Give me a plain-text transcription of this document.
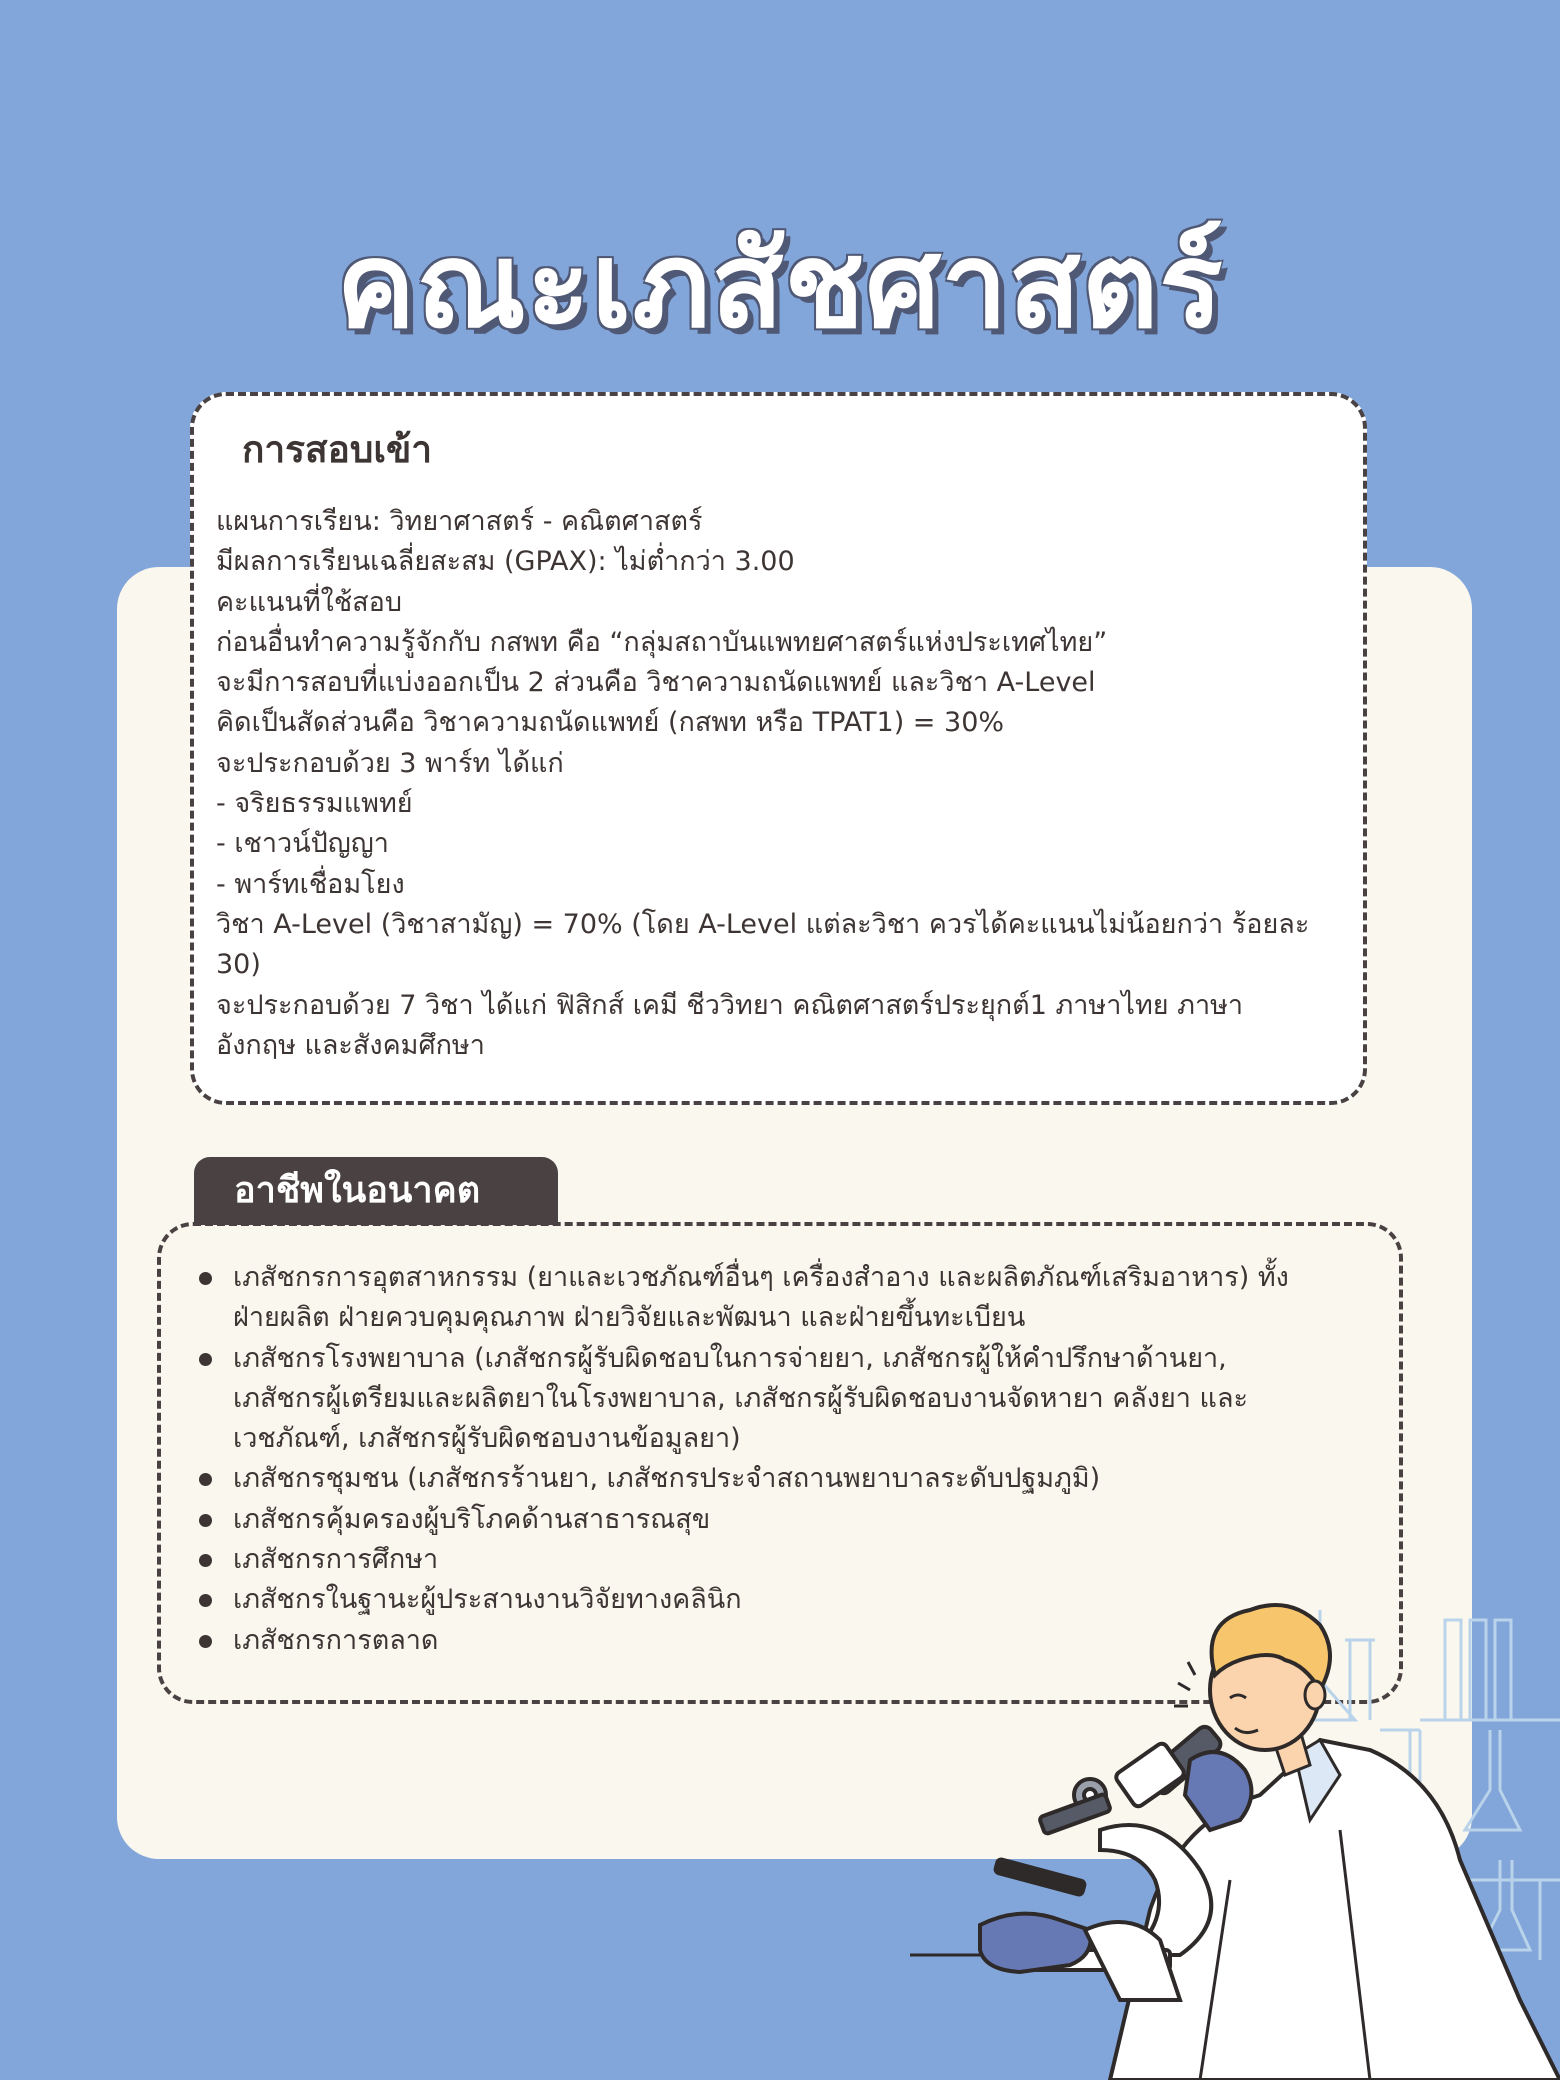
คณะเภสัชศาสตร์
การสอบเข้า
แผนการเรียน: วิทยาศาสตร์ - คณิตศาสตร์
มีผลการเรียนเฉลี่ยสะสม (GPAX): ไม่ต่ำกว่า 3.00
คะแนนที่ใช้สอบ
ก่อนอื่นทำความรู้จักกับ กสพท คือ “กลุ่มสถาบันแพทยศาสตร์แห่งประเทศไทย”
จะมีการสอบที่แบ่งออกเป็น 2 ส่วนคือ วิชาความถนัดแพทย์ และวิชา A-Level
คิดเป็นสัดส่วนคือ วิชาความถนัดแพทย์ (กสพท หรือ TPAT1) = 30%
จะประกอบด้วย 3 พาร์ท ได้แก่
- จริยธรรมแพทย์
- เชาวน์ปัญญา
- พาร์ทเชื่อมโยง
วิชา A-Level (วิชาสามัญ) = 70% (โดย A-Level แต่ละวิชา ควรได้คะแนนไม่น้อยกว่า ร้อยละ
30)
จะประกอบด้วย 7 วิชา ได้แก่ ฟิสิกส์ เคมี ชีววิทยา คณิตศาสตร์ประยุกต์1 ภาษาไทย ภาษา
อังกฤษ และสังคมศึกษา
อาชีพในอนาคต
เภสัชกรการอุตสาหกรรม (ยาและเวชภัณฑ์อื่นๆ เครื่องสำอาง และผลิตภัณฑ์เสริมอาหาร) ทั้ง
ฝ่ายผลิต ฝ่ายควบคุมคุณภาพ ฝ่ายวิจัยและพัฒนา และฝ่ายขึ้นทะเบียน
เภสัชกรโรงพยาบาล (เภสัชกรผู้รับผิดชอบในการจ่ายยา, เภสัชกรผู้ให้คำปรึกษาด้านยา,
เภสัชกรผู้เตรียมและผลิตยาในโรงพยาบาล, เภสัชกรผู้รับผิดชอบงานจัดหายา คลังยา และ
เวชภัณฑ์, เภสัชกรผู้รับผิดชอบงานข้อมูลยา)
เภสัชกรชุมชน (เภสัชกรร้านยา, เภสัชกรประจำสถานพยาบาลระดับปฐมภูมิ)
เภสัชกรคุ้มครองผู้บริโภคด้านสาธารณสุข
เภสัชกรการศึกษา
เภสัชกรในฐานะผู้ประสานงานวิจัยทางคลินิก
เภสัชกรการตลาด
